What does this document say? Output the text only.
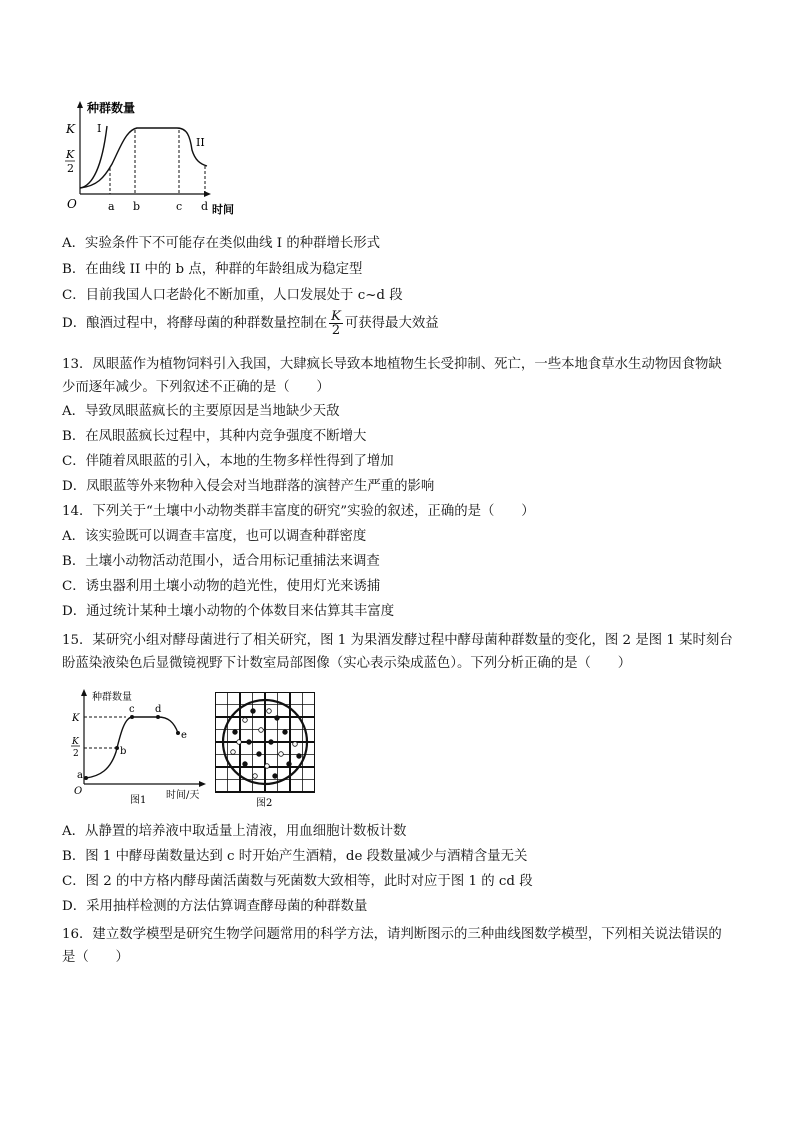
种群数量
时间
O
K
K
2
I
II
a b	c d
A．实验条件下不可能存在类似曲线 I 的种群增长形式
B．在曲线 II 中的 b 点，种群的年龄组成为稳定型
C．目前我国人口老龄化不断加重，人口发展处于 c~d 段
D．酿酒过程中，将酵母菌的种群数量控制在 $\frac{K}{2}$ 可获得最大效益
13．凤眼蓝作为植物饲料引入我国，大肆疯长导致本地植物生长受抑制、死亡，一些本地食草水生动物因食物缺少而逐年减少。下列叙述不正确的是（　　）
A．导致凤眼蓝疯长的主要原因是当地缺少天敌
B．在凤眼蓝疯长过程中，其种内竞争强度不断增大
C．伴随着凤眼蓝的引入，本地的生物多样性得到了增加
D．凤眼蓝等外来物种入侵会对当地群落的演替产生严重的影响
14．下列关于“土壤中小动物类群丰富度的研究”实验的叙述，正确的是（　　）
A．该实验既可以调查丰富度，也可以调查种群密度
B．土壤小动物活动范围小，适合用标记重捕法来调查
C．诱虫器利用土壤小动物的趋光性，使用灯光来诱捕
D．通过统计某种土壤小动物的个体数目来估算其丰富度
15．某研究小组对酵母菌进行了相关研究，图 1 为果酒发酵过程中酵母菌种群数量的变化，图 2 是图 1 某时刻台盼蓝染液染色后显微镜视野下计数室局部图像（实心表示染成蓝色）。下列分析正确的是（　　）
种群数量
时间/天
O
图1
K
K
2
a
b
c d
e
图2
A．从静置的培养液中取适量上清液，用血细胞计数板计数
B．图 1 中酵母菌数量达到 c 时开始产生酒精，de 段数量减少与酒精含量无关
C．图 2 的中方格内酵母菌活菌数与死菌数大致相等，此时对应于图 1 的 cd 段
D．采用抽样检测的方法估算调查酵母菌的种群数量
16．建立数学模型是研究生物学问题常用的科学方法，请判断图示的三种曲线图数学模型，下列相关说法错误的是（　　）
